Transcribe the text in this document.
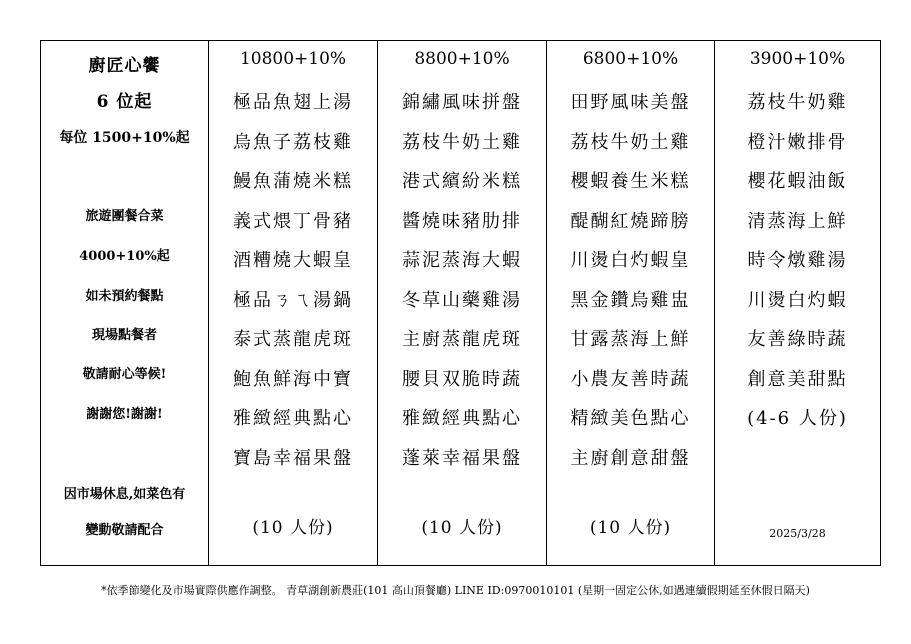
廚匠心饗
6 位起
每位 1500+10%起
旅遊團餐合菜
4000+10%起
如未預約餐點
現場點餐者
敬請耐心等候!
謝謝您!謝謝!
因市場休息,如菜色有
變動敬請配合
10800+10%
極品魚翅上湯
烏魚子荔枝雞
鰻魚蒲燒米糕
義式煨丁骨豬
酒糟燒大蝦皇
極品ㄋㄟ湯鍋
泰式蒸龍虎斑
鮑魚鮮海中寶
雅緻經典點心
寶島幸福果盤
(10 人份)
8800+10%
錦繡風味拼盤
荔枝牛奶土雞
港式繽紛米糕
醬燒味豬肋排
蒜泥蒸海大蝦
冬草山藥雞湯
主廚蒸龍虎斑
腰貝双脆時蔬
雅緻經典點心
蓬萊幸福果盤
(10 人份)
6800+10%
田野風味美盤
荔枝牛奶土雞
櫻蝦養生米糕
醍醐紅燒蹄膀
川燙白灼蝦皇
黑金鑽烏雞盅
甘露蒸海上鮮
小農友善時蔬
精緻美色點心
主廚創意甜盤
(10 人份)
3900+10%
荔枝牛奶雞
橙汁嫩排骨
櫻花蝦油飯
清蒸海上鮮
時令燉雞湯
川燙白灼蝦
友善綠時蔬
創意美甜點
(4-6 人份)
2025/3/28
*依季節變化及市場實際供應作調整。 青草湖創新農莊(101 高山頂餐廳) LINE ID:0970010101 (星期一固定公休,如遇連續假期延至休假日隔天)
